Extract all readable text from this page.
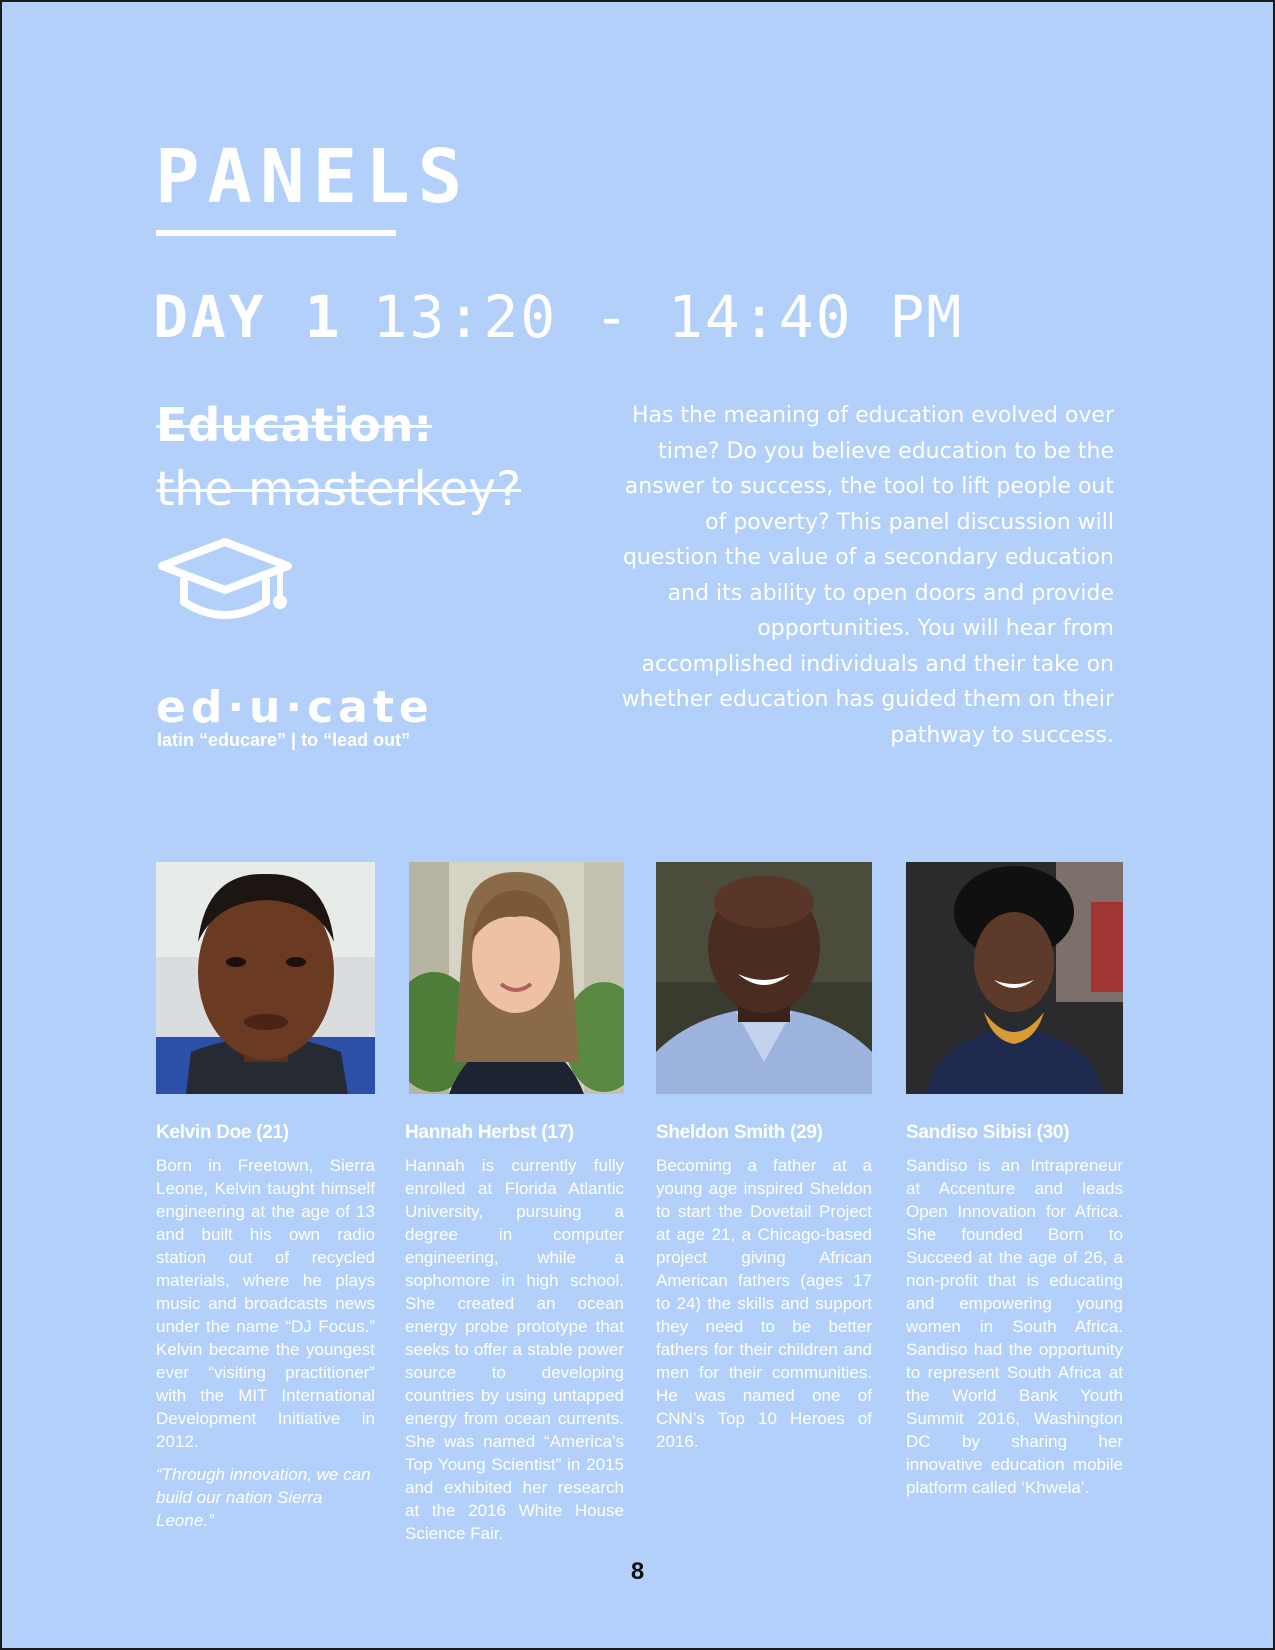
PANELS
DAY 1 13:20 - 14:40 PM
Education:
the masterkey?
ed·u·cate
latin “educare” | to “lead out”
Has the meaning of education evolved over time? Do you believe education to be the answer to success, the tool to lift people out of poverty? This panel discussion will question the value of a secondary education and its ability to open doors and provide opportunities. You will hear from accomplished individuals and their take on whether education has guided them on their pathway to success.
Kelvin Doe (21)
Born in Freetown, Sierra Leone, Kelvin taught himself engineering at the age of 13 and built his own radio station out of recycled materials, where he plays music and broadcasts news under the name “DJ Focus.” Kelvin became the youngest ever “visiting practitioner” with the MIT International Development Initiative in 2012.
“Through innovation, we can build our nation Sierra Leone.”
Hannah Herbst (17)
Hannah is currently fully enrolled at Florida Atlantic University, pursuing a degree in computer engineering, while a sophomore in high school. She created an ocean energy probe prototype that seeks to offer a stable power source to developing countries by using untapped energy from ocean currents. She was named “America’s Top Young Scientist” in 2015 and exhibited her research at the 2016 White House Science Fair.
Sheldon Smith (29)
Becoming a father at a young age inspired Sheldon to start the Dovetail Project at age 21, a Chicago-based project giving African American fathers (ages 17 to 24) the skills and support they need to be better fathers for their children and men for their communities. He was named one of CNN’s Top 10 Heroes of 2016.
Sandiso Sibisi (30)
Sandiso is an Intrapreneur at Accenture and leads Open Innovation for Africa. She founded Born to Succeed at the age of 26, a non-profit that is educating and empowering young women in South Africa. Sandiso had the opportunity to represent South Africa at the World Bank Youth Summit 2016, Washington DC by sharing her innovative education mobile platform called ‘Khwela’.
8
